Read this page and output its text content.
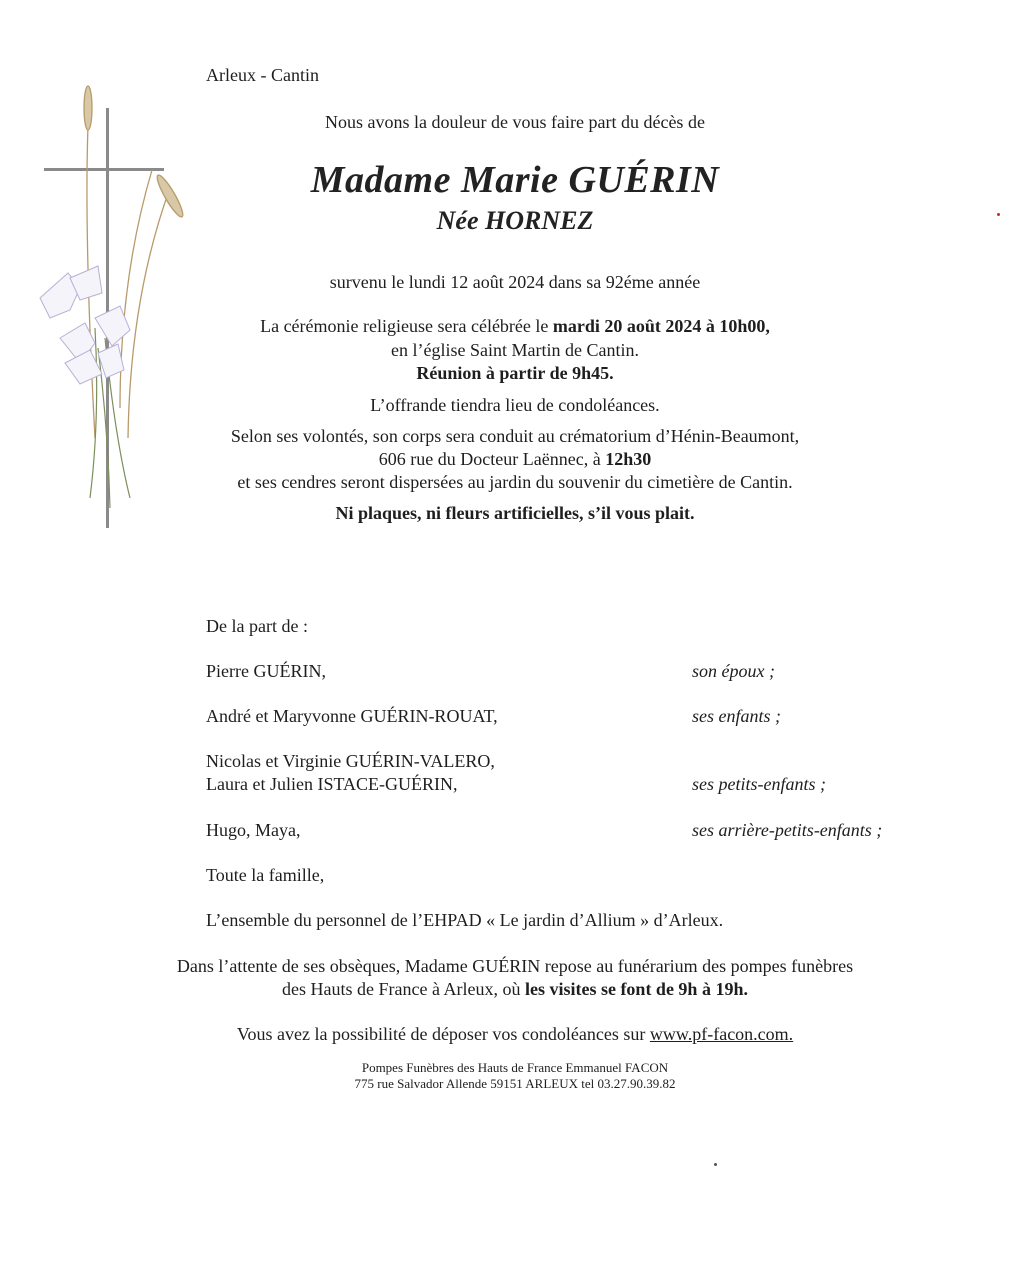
Arleux - Cantin
Nous avons la douleur de vous faire part du décès de
Madame Marie GUÉRIN
Née HORNEZ
survenu le lundi 12 août 2024 dans sa 92éme année
La cérémonie religieuse sera célébrée le mardi 20 août 2024 à 10h00,
en l’église Saint Martin de Cantin.
Réunion à partir de 9h45.
L’offrande tiendra lieu de condoléances.
Selon ses volontés, son corps sera conduit au crématorium d’Hénin-Beaumont,
606 rue du Docteur Laënnec, à 12h30
et ses cendres seront dispersées au jardin du souvenir du cimetière de Cantin.
Ni plaques, ni fleurs artificielles, s’il vous plait.
De la part de :
Pierre GUÉRIN,	son époux ;
André et Maryvonne GUÉRIN-ROUAT,	ses enfants ;
Nicolas et Virginie GUÉRIN-VALERO,
Laura et Julien ISTACE-GUÉRIN,	ses petits-enfants ;
Hugo, Maya,	ses arrière-petits-enfants ;
Toute la famille,
L’ensemble du personnel de l’EHPAD « Le jardin d’Allium » d’Arleux.
Dans l’attente de ses obsèques, Madame GUÉRIN repose au funérarium des pompes funèbres
des Hauts de France à Arleux, où les visites se font de 9h à 19h.
Vous avez la possibilité de déposer vos condoléances sur www.pf-facon.com.
Pompes Funèbres des Hauts de France Emmanuel FACON
775 rue Salvador Allende 59151 ARLEUX tel 03.27.90.39.82
